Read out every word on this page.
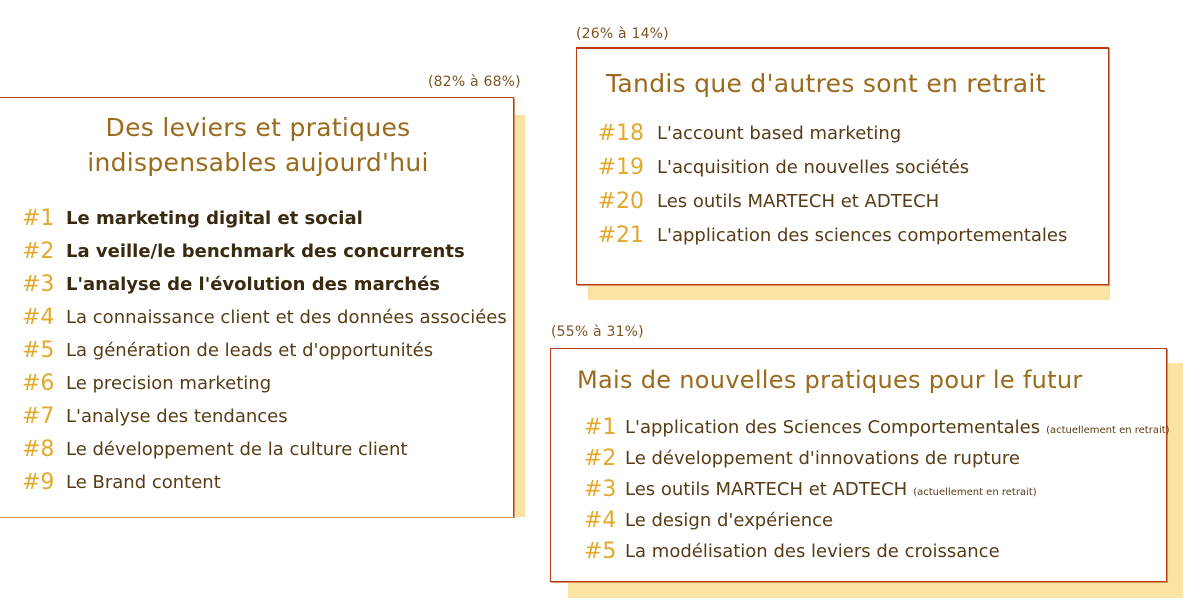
(82% à 68%)
Des leviers et pratiques
indispensables aujourd'hui
#1 Le marketing digital et social
#2 La veille/le benchmark des concurrents
#3 L'analyse de l'évolution des marchés
#4 La connaissance client et des données associées
#5 La génération de leads et d'opportunités
#6 Le precision marketing
#7 L'analyse des tendances
#8 Le développement de la culture client
#9 Le Brand content
(26% à 14%)
Tandis que d'autres sont en retrait
#18 L'account based marketing
#19 L'acquisition de nouvelles sociétés
#20 Les outils MARTECH et ADTECH
#21 L'application des sciences comportementales
(55% à 31%)
Mais de nouvelles pratiques pour le futur
#1 L'application des Sciences Comportementales (actuellement en retrait)
#2 Le développement d'innovations de rupture
#3 Les outils MARTECH et ADTECH (actuellement en retrait)
#4 Le design d'expérience
#5 La modélisation des leviers de croissance
